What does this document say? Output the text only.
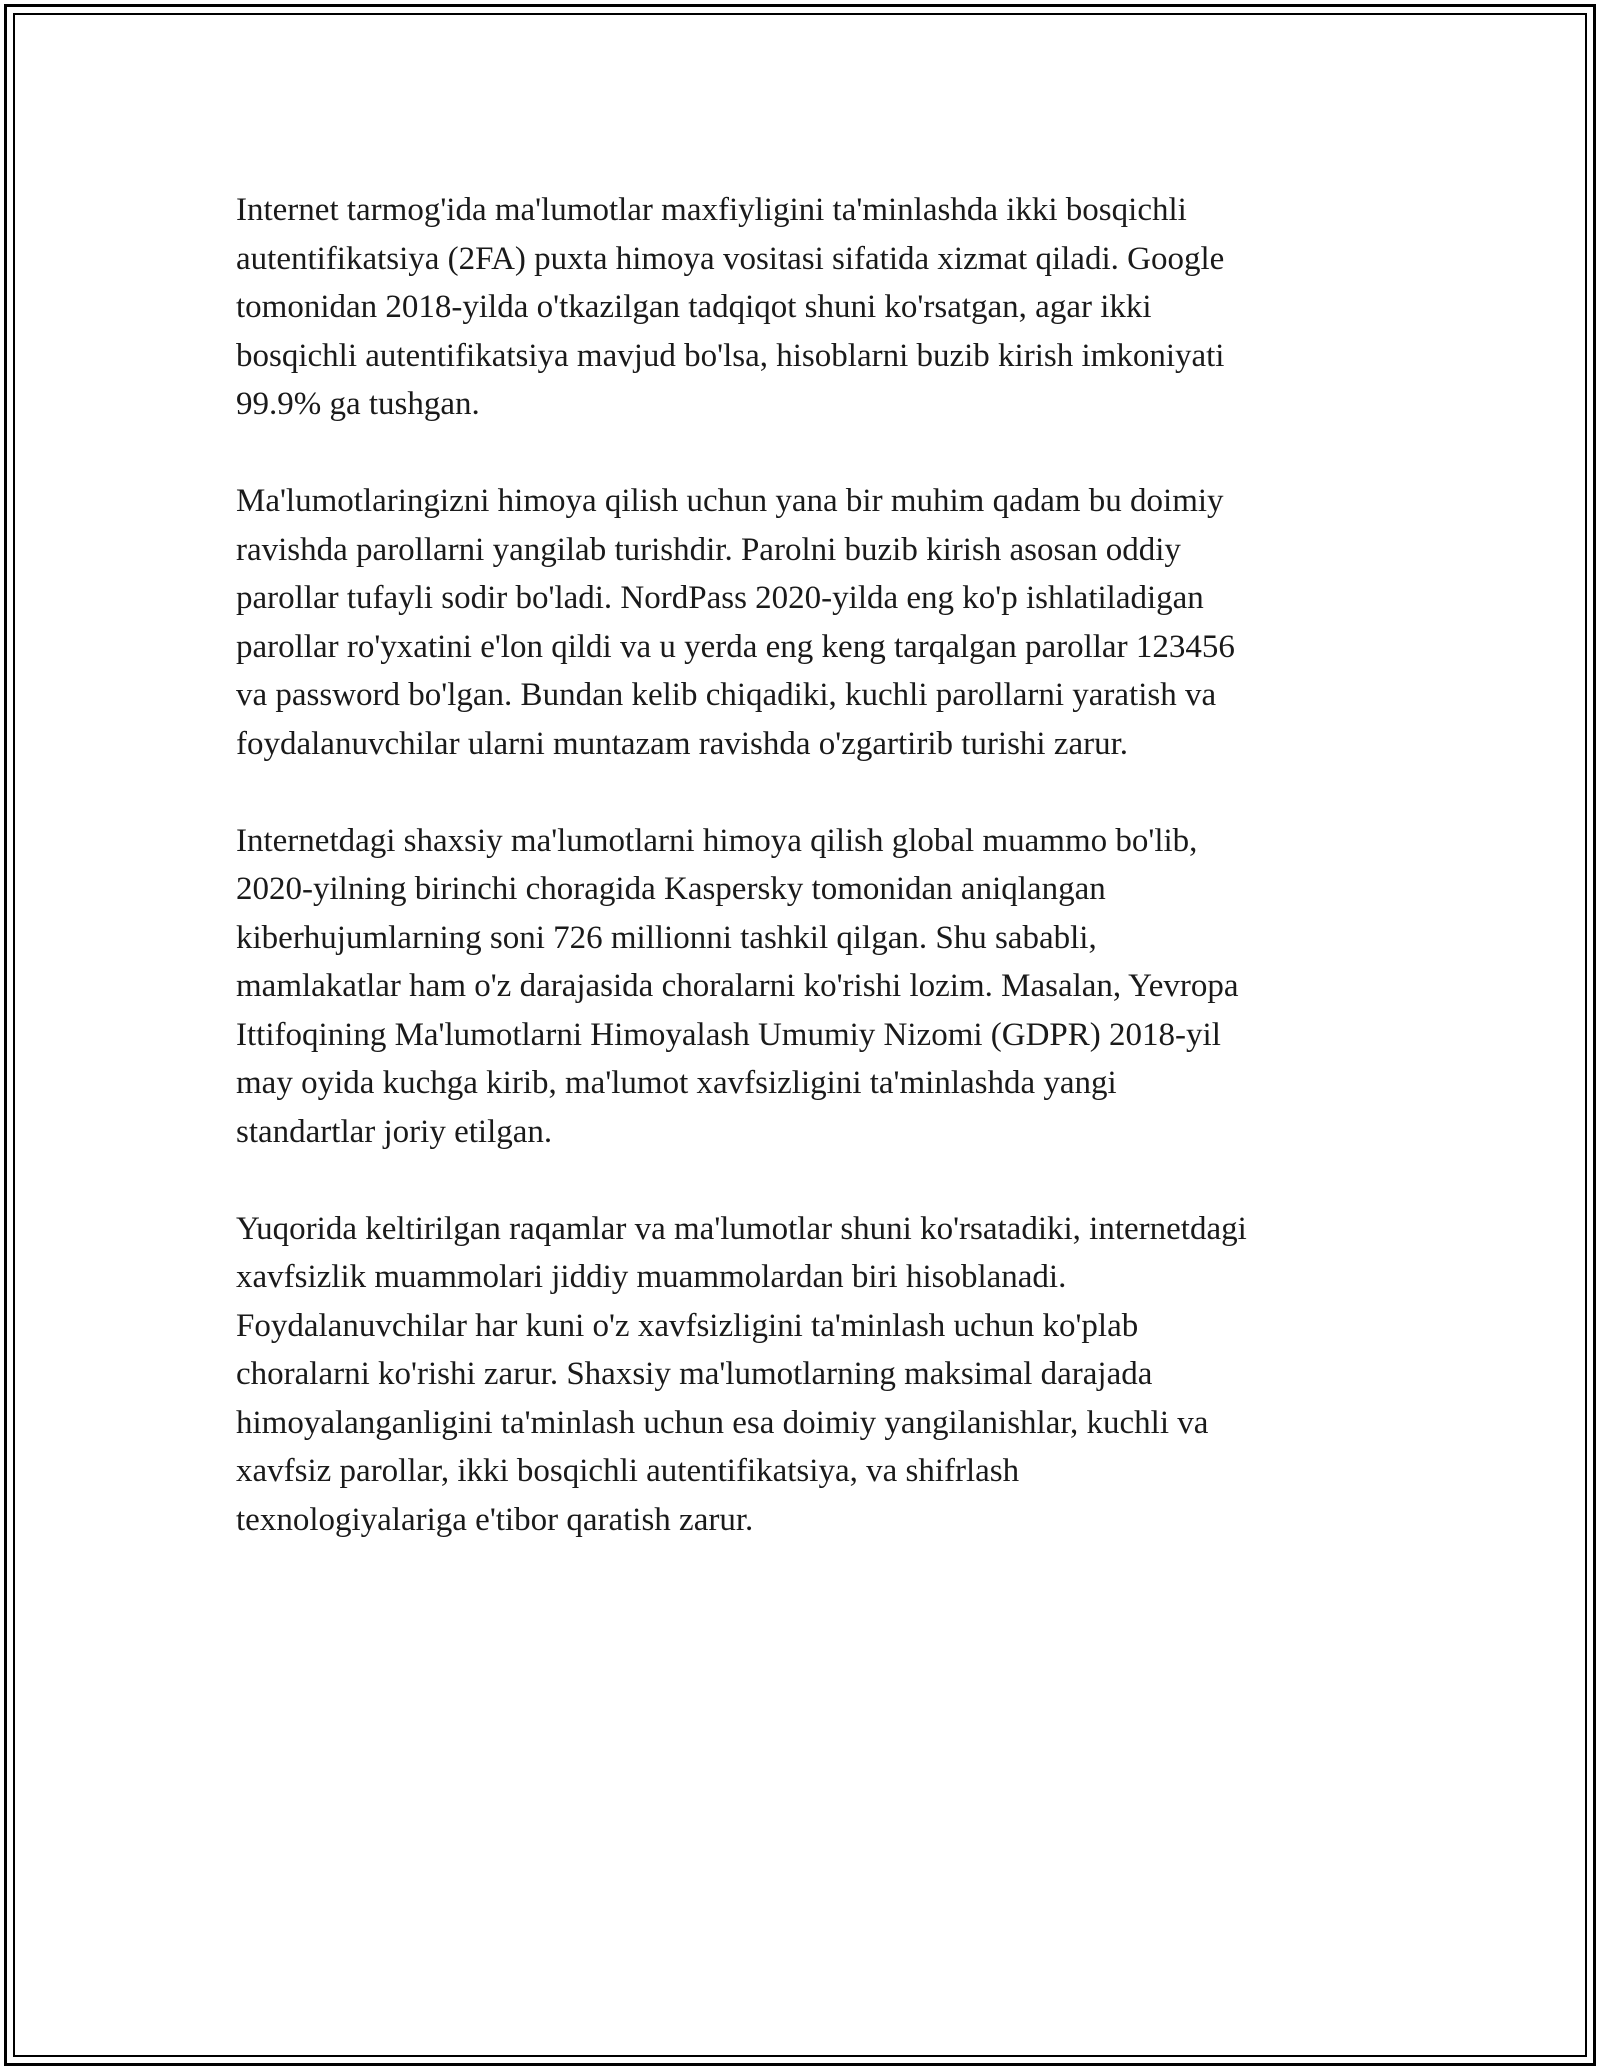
Internet tarmog'ida ma'lumotlar maxfiyligini ta'minlashda ikki bosqichli
autentifikatsiya (2FA) puxta himoya vositasi sifatida xizmat qiladi. Google
tomonidan 2018-yilda o'tkazilgan tadqiqot shuni ko'rsatgan, agar ikki
bosqichli autentifikatsiya mavjud bo'lsa, hisoblarni buzib kirish imkoniyati
99.9% ga tushgan.

Ma'lumotlaringizni himoya qilish uchun yana bir muhim qadam bu doimiy
ravishda parollarni yangilab turishdir. Parolni buzib kirish asosan oddiy
parollar tufayli sodir bo'ladi. NordPass 2020-yilda eng ko'p ishlatiladigan
parollar ro'yxatini e'lon qildi va u yerda eng keng tarqalgan parollar 123456
va password bo'lgan. Bundan kelib chiqadiki, kuchli parollarni yaratish va
foydalanuvchilar ularni muntazam ravishda o'zgartirib turishi zarur.

Internetdagi shaxsiy ma'lumotlarni himoya qilish global muammo bo'lib,
2020-yilning birinchi choragida Kaspersky tomonidan aniqlangan
kiberhujumlarning soni 726 millionni tashkil qilgan. Shu sababli,
mamlakatlar ham o'z darajasida choralarni ko'rishi lozim. Masalan, Yevropa
Ittifoqining Ma'lumotlarni Himoyalash Umumiy Nizomi (GDPR) 2018-yil
may oyida kuchga kirib, ma'lumot xavfsizligini ta'minlashda yangi
standartlar joriy etilgan.

Yuqorida keltirilgan raqamlar va ma'lumotlar shuni ko'rsatadiki, internetdagi
xavfsizlik muammolari jiddiy muammolardan biri hisoblanadi.
Foydalanuvchilar har kuni o'z xavfsizligini ta'minlash uchun ko'plab
choralarni ko'rishi zarur. Shaxsiy ma'lumotlarning maksimal darajada
himoyalanganligini ta'minlash uchun esa doimiy yangilanishlar, kuchli va
xavfsiz parollar, ikki bosqichli autentifikatsiya, va shifrlash
texnologiyalariga e'tibor qaratish zarur.
